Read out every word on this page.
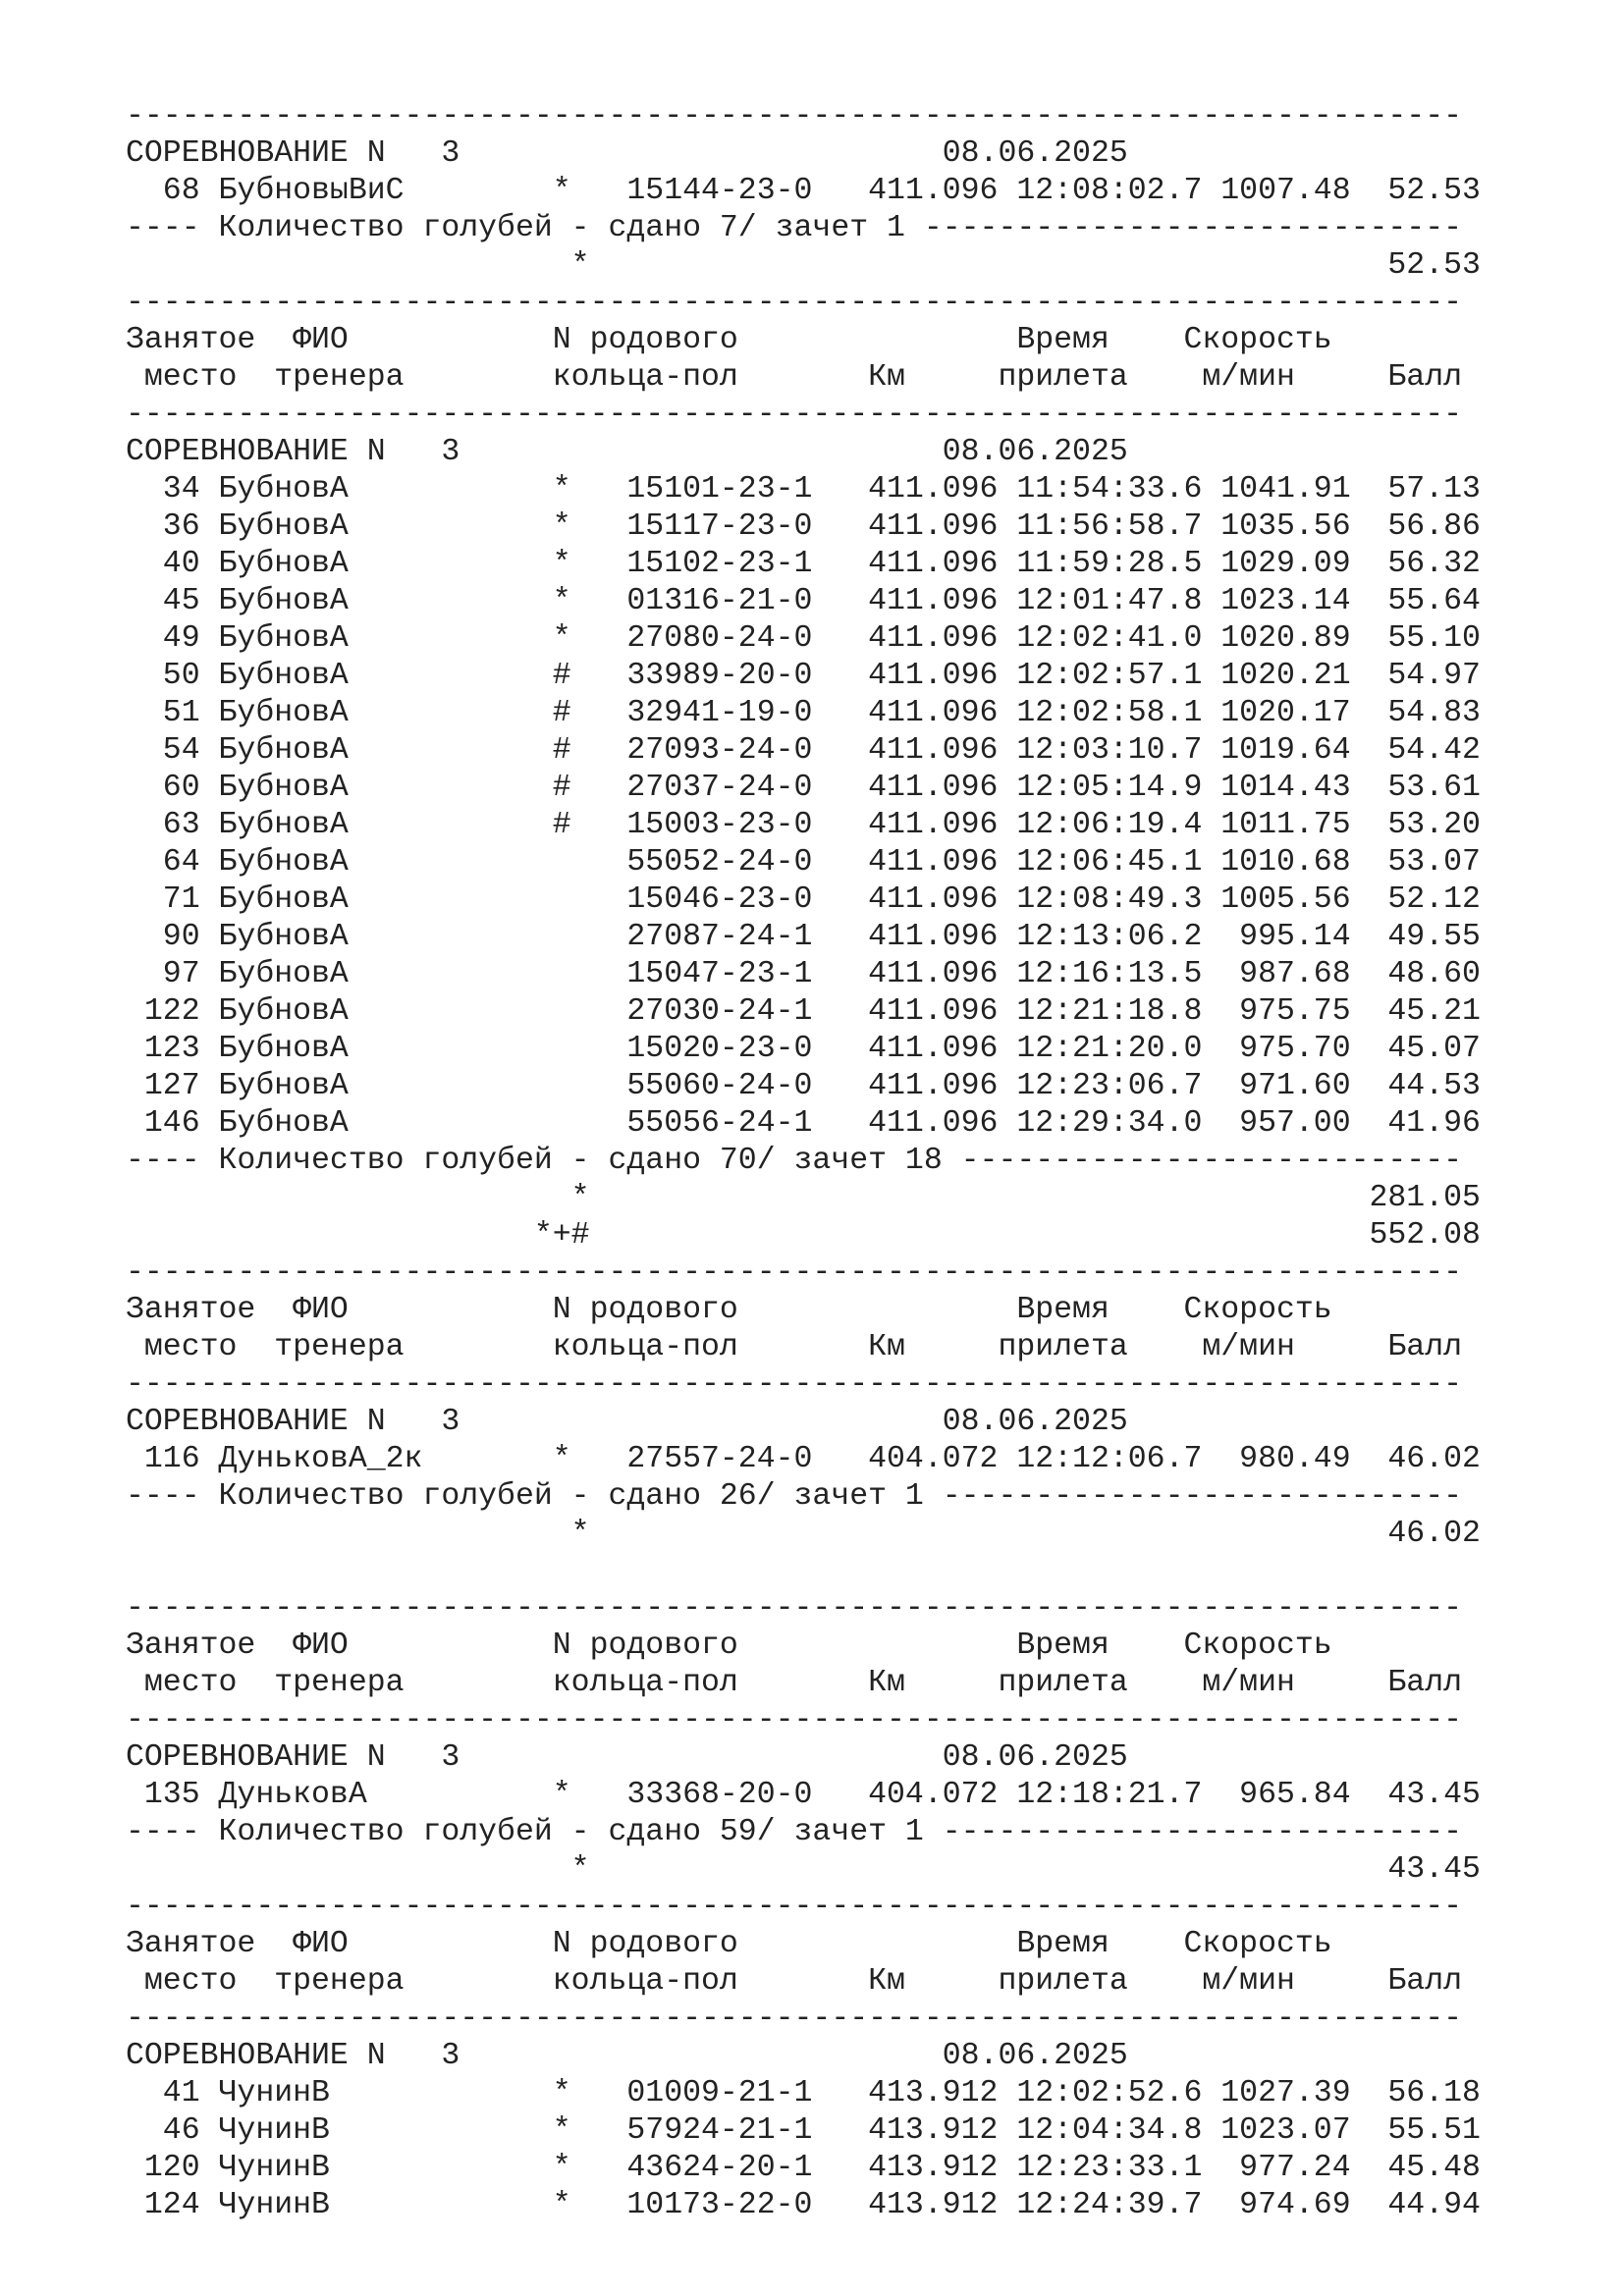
------------------------------------------------------------------------
СОРЕВНОВАНИЕ N   3                          08.06.2025
68 БубновыВиС        *   15144-23-0   411.096 12:08:02.7 1007.48  52.53
---- Количество голубей - сдано 7/ зачет 1 -----------------------------
*                                           52.53
------------------------------------------------------------------------
Занятое  ФИО           N родового               Время    Скорость
место  тренера        кольца-пол       Км     прилета    м/мин     Балл
------------------------------------------------------------------------
СОРЕВНОВАНИЕ N   3                          08.06.2025
34 БубновА           *   15101-23-1   411.096 11:54:33.6 1041.91  57.13
36 БубновА           *   15117-23-0   411.096 11:56:58.7 1035.56  56.86
40 БубновА           *   15102-23-1   411.096 11:59:28.5 1029.09  56.32
45 БубновА           *   01316-21-0   411.096 12:01:47.8 1023.14  55.64
49 БубновА           *   27080-24-0   411.096 12:02:41.0 1020.89  55.10
50 БубновА           #   33989-20-0   411.096 12:02:57.1 1020.21  54.97
51 БубновА           #   32941-19-0   411.096 12:02:58.1 1020.17  54.83
54 БубновА           #   27093-24-0   411.096 12:03:10.7 1019.64  54.42
60 БубновА           #   27037-24-0   411.096 12:05:14.9 1014.43  53.61
63 БубновА           #   15003-23-0   411.096 12:06:19.4 1011.75  53.20
64 БубновА               55052-24-0   411.096 12:06:45.1 1010.68  53.07
71 БубновА               15046-23-0   411.096 12:08:49.3 1005.56  52.12
90 БубновА               27087-24-1   411.096 12:13:06.2  995.14  49.55
97 БубновА               15047-23-1   411.096 12:16:13.5  987.68  48.60
122 БубновА               27030-24-1   411.096 12:21:18.8  975.75  45.21
123 БубновА               15020-23-0   411.096 12:21:20.0  975.70  45.07
127 БубновА               55060-24-0   411.096 12:23:06.7  971.60  44.53
146 БубновА               55056-24-1   411.096 12:29:34.0  957.00  41.96
---- Количество голубей - сдано 70/ зачет 18 ---------------------------
*                                          281.05
*+#                                          552.08
------------------------------------------------------------------------
Занятое  ФИО           N родового               Время    Скорость
место  тренера        кольца-пол       Км     прилета    м/мин     Балл
------------------------------------------------------------------------
СОРЕВНОВАНИЕ N   3                          08.06.2025
116 ДуньковА_2к       *   27557-24-0   404.072 12:12:06.7  980.49  46.02
---- Количество голубей - сдано 26/ зачет 1 ----------------------------
*                                           46.02
------------------------------------------------------------------------
Занятое  ФИО           N родового               Время    Скорость
место  тренера        кольца-пол       Км     прилета    м/мин     Балл
------------------------------------------------------------------------
СОРЕВНОВАНИЕ N   3                          08.06.2025
135 ДуньковА          *   33368-20-0   404.072 12:18:21.7  965.84  43.45
---- Количество голубей - сдано 59/ зачет 1 ----------------------------
*                                           43.45
------------------------------------------------------------------------
Занятое  ФИО           N родового               Время    Скорость
место  тренера        кольца-пол       Км     прилета    м/мин     Балл
------------------------------------------------------------------------
СОРЕВНОВАНИЕ N   3                          08.06.2025
41 ЧунинВ            *   01009-21-1   413.912 12:02:52.6 1027.39  56.18
46 ЧунинВ            *   57924-21-1   413.912 12:04:34.8 1023.07  55.51
120 ЧунинВ            *   43624-20-1   413.912 12:23:33.1  977.24  45.48
124 ЧунинВ            *   10173-22-0   413.912 12:24:39.7  974.69  44.94
